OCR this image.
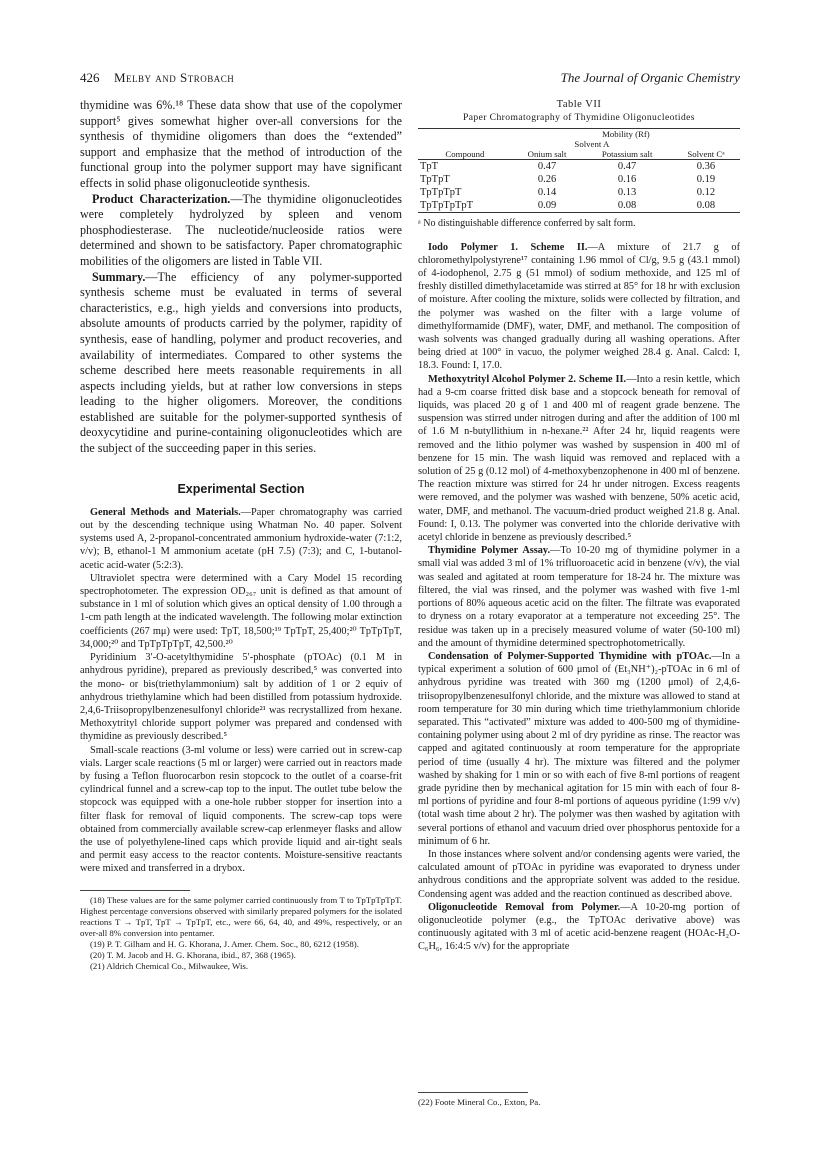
426 Melby and Strobach	The Journal of Organic Chemistry

thymidine was 6%.¹⁸ These data show that use of the copolymer support⁵ gives somewhat higher over-all conversions for the synthesis of thymidine oligomers than does the “extended” support and emphasize that the method of introduction of the functional group into the polymer support may have significant effects in solid phase oligonucleotide synthesis.

Product Characterization.—The thymidine oligonucleotides were completely hydrolyzed by spleen and venom phosphodiesterase. The nucleotide/nucleoside ratios were determined and shown to be satisfactory. Paper chromatographic mobilities of the oligomers are listed in Table VII.

Summary.—The efficiency of any polymer-supported synthesis scheme must be evaluated in terms of several characteristics, e.g., high yields and conversions into products, absolute amounts of products carried by the polymer, rapidity of synthesis, ease of handling, polymer and product recoveries, and availability of intermediates. Compared to other systems the scheme described here meets reasonable requirements in all aspects including yields, but at rather low conversions in steps leading to the higher oligomers. Moreover, the conditions established are suitable for the polymer-supported synthesis of deoxycytidine and purine-containing oligonucleotides which are the subject of the succeeding paper in this series.

Experimental Section

General Methods and Materials.—Paper chromatography was carried out by the descending technique using Whatman No. 40 paper. Solvent systems used A, 2-propanol-concentrated ammonium hydroxide-water (7:1:2, v/v); B, ethanol-1 M ammonium acetate (pH 7.5) (7:3); and C, 1-butanol-acetic acid-water (5:2:3).

Ultraviolet spectra were determined with a Cary Model 15 recording spectrophotometer. The expression OD₂₆₇ unit is defined as that amount of substance in 1 ml of solution which gives an optical density of 1.00 through a 1-cm path length at the indicated wavelength. The following molar extinction coefficients (267 mμ) were used: TpT, 18,500;¹⁹ TpTpT, 25,400;²⁰ TpTpTpT, 34,000;²⁰ and TpTpTpTpT, 42,500.²⁰

Pyridinium 3′-O-acetylthymidine 5′-phosphate (pTOAc) (0.1 M in anhydrous pyridine), prepared as previously described,⁵ was converted into the mono- or bis(triethylammonium) salt by addition of 1 or 2 equiv of anhydrous triethylamine which had been distilled from potassium hydroxide. 2,4,6-Triisopropylbenzenesulfonyl chloride²¹ was recrystallized from hexane. Methoxytrityl chloride support polymer was prepared and condensed with thymidine as previously described.⁵

Small-scale reactions (3-ml volume or less) were carried out in screw-cap vials. Larger scale reactions (5 ml or larger) were carried out in reactors made by fusing a Teflon fluorocarbon resin stopcock to the outlet of a coarse-frit cylindrical funnel and a screw-cap top to the input. The outlet tube below the stopcock was equipped with a one-hole rubber stopper for insertion into a filter flask for removal of liquid components. The screw-cap tops were obtained from commercially available screw-cap erlenmeyer flasks and allow the use of polyethylene-lined caps which provide liquid and air-tight seals and permit easy access to the reactor contents. Moisture-sensitive reactants were mixed and transferred in a drybox.

(18) These values are for the same polymer carried continuously from T to TpTpTpTpT. Highest percentage conversions observed with similarly prepared polymers for the isolated reactions T → TpT, TpT → TpTpT, etc., were 66, 64, 40, and 49%, respectively, or an over-all 8% conversion into pentamer.
(19) P. T. Gilham and H. G. Khorana, J. Amer. Chem. Soc., 80, 6212 (1958).
(20) T. M. Jacob and H. G. Khorana, ibid., 87, 368 (1965).
(21) Aldrich Chemical Co., Milwaukee, Wis.
Table VII
Paper Chromatography of Thymidine Oligonucleotides
	Mobility (Rf)		
	Solvent A		
Compound	Onium salt	Potassium salt	Solvent Cᵃ
TpT	0.47	0.47	0.36
TpTpT	0.26	0.16	0.19
TpTpTpT	0.14	0.13	0.12
TpTpTpTpT	0.09	0.08	0.08
ᵃ No distinguishable difference conferred by salt form.

Iodo Polymer 1. Scheme II.—A mixture of 21.7 g of chloromethylpolystyrene¹⁷ containing 1.96 mmol of Cl/g, 9.5 g (43.1 mmol) of 4-iodophenol, 2.75 g (51 mmol) of sodium methoxide, and 125 ml of freshly distilled dimethylacetamide was stirred at 85° for 18 hr with exclusion of moisture. After cooling the mixture, solids were collected by filtration, and the polymer was washed on the filter with a large volume of dimethylformamide (DMF), water, DMF, and methanol. The composition of wash solvents was changed gradually during all washing operations. After being dried at 100° in vacuo, the polymer weighed 28.4 g. Anal. Calcd: I, 18.3. Found: I, 17.0.

Methoxytrityl Alcohol Polymer 2. Scheme II.—Into a resin kettle, which had a 9-cm coarse fritted disk base and a stopcock beneath for removal of liquids, was placed 20 g of 1 and 400 ml of reagent grade benzene. The suspension was stirred under nitrogen during and after the addition of 100 ml of 1.6 M n-butyllithium in n-hexane.²² After 24 hr, liquid reagents were removed and the lithio polymer was washed by suspension in 400 ml of benzene for 15 min. The wash liquid was removed and replaced with a solution of 25 g (0.12 mol) of 4-methoxybenzophenone in 400 ml of benzene. The reaction mixture was stirred for 24 hr under nitrogen. Excess reagents were removed, and the polymer was washed with benzene, 50% acetic acid, water, DMF, and methanol. The vacuum-dried product weighed 21.8 g. Anal. Found: I, 0.13. The polymer was converted into the chloride derivative with acetyl chloride in benzene as previously described.⁵

Thymidine Polymer Assay.—To 10-20 mg of thymidine polymer in a small vial was added 3 ml of 1% trifluoroacetic acid in benzene (v/v), the vial was sealed and agitated at room temperature for 18-24 hr. The mixture was filtered, the vial was rinsed, and the polymer was washed with five 1-ml portions of 80% aqueous acetic acid on the filter. The filtrate was evaporated to dryness on a rotary evaporator at a temperature not exceeding 25°. The residue was taken up in a precisely measured volume of water (50-100 ml) and the amount of thymidine determined spectrophotometrically.

Condensation of Polymer-Supported Thymidine with pTOAc.—In a typical experiment a solution of 600 μmol of (Et₃NH⁺)₂-pTOAc in 6 ml of anhydrous pyridine was treated with 360 mg (1200 μmol) of 2,4,6-triisopropylbenzenesulfonyl chloride, and the mixture was allowed to stand at room temperature for 30 min during which time triethylammonium chloride separated. This “activated” mixture was added to 400-500 mg of thymidine-containing polymer using about 2 ml of dry pyridine as rinse. The reactor was capped and agitated continuously at room temperature for the appropriate period of time (usually 4 hr). The mixture was filtered and the polymer washed by shaking for 1 min or so with each of five 8-ml portions of reagent grade pyridine then by mechanical agitation for 15 min with each of four 8-ml portions of pyridine and four 8-ml portions of aqueous pyridine (1:99 v/v) (total wash time about 2 hr). The polymer was then washed by agitation with several portions of ethanol and vacuum dried over phosphorus pentoxide for a minimum of 6 hr.

In those instances where solvent and/or condensing agents were varied, the calculated amount of pTOAc in pyridine was evaporated to dryness under anhydrous conditions and the appropriate solvent was added to the residue. Condensing agent was added and the reaction continued as described above.

Oligonucleotide Removal from Polymer.—A 10-20-mg portion of oligonucleotide polymer (e.g., the TpTOAc derivative above) was continuously agitated with 3 ml of acetic acid-benzene reagent (HOAc-H₂O-C₆H₆, 16:4:5 v/v) for the appropriate

(22) Foote Mineral Co., Exton, Pa.
